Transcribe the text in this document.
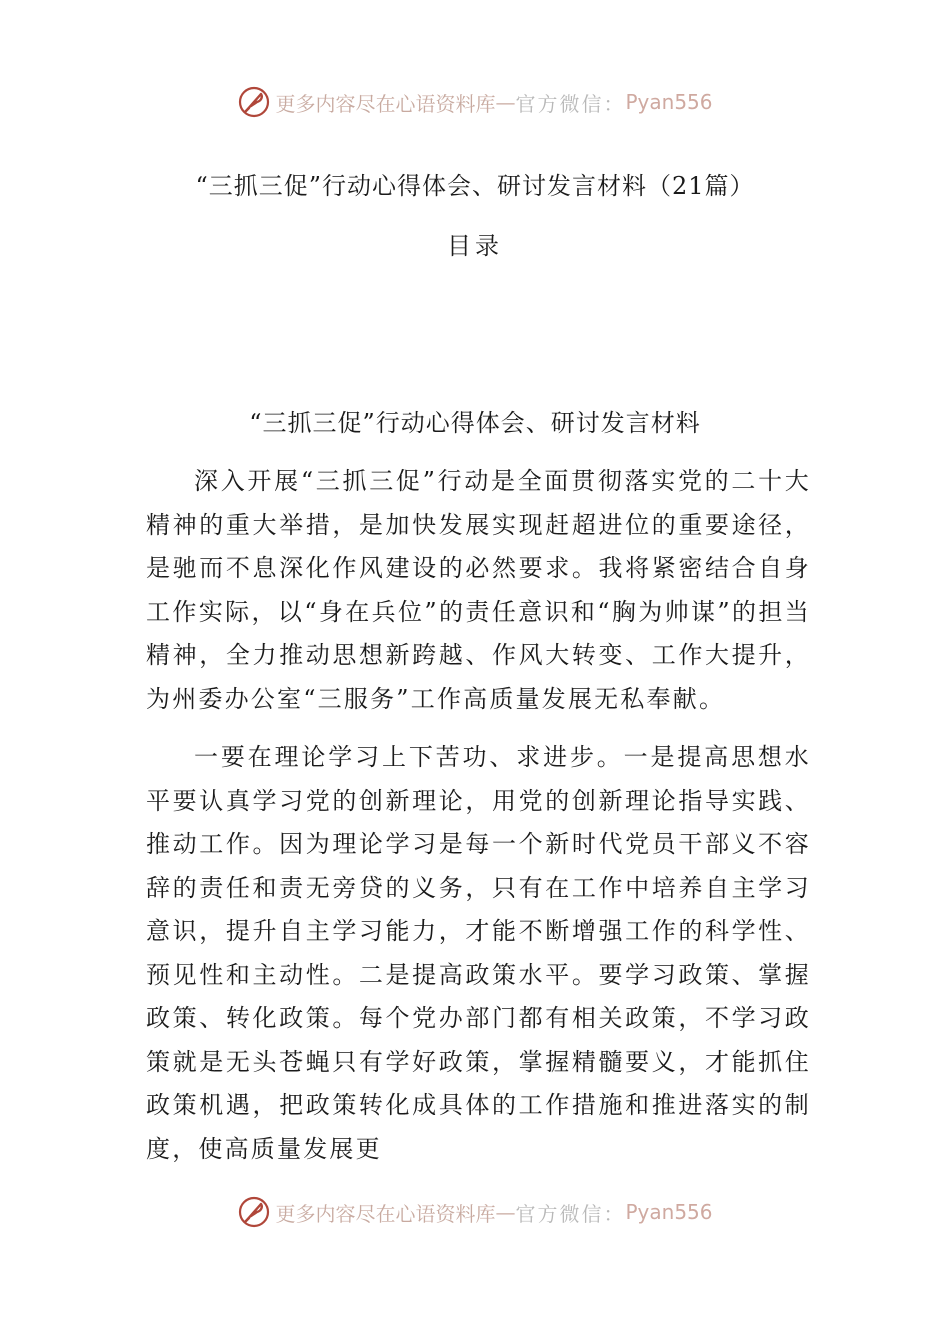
更多内容尽在心语资料库 — 官方微信： Pyan556
“三抓三促”行动心得体会、研讨发言材料（21篇）
目录
“三抓三促”行动心得体会、研讨发言材料

深入开展“三抓三促”行动是全面贯彻落实党的二十大精神的重大举措，是加快发展实现赶超进位的重要途径，是驰而不息深化作风建设的必然要求。我将紧密结合自身工作实际，以“身在兵位”的责任意识和“胸为帅谋”的担当精神，全力推动思想新跨越、作风大转变、工作大提升，为州委办公室“三服务”工作高质量发展无私奉献。

一要在理论学习上下苦功、求进步。一是提高思想水平要认真学习党的创新理论，用党的创新理论指导实践、推动工作。因为理论学习是每一个新时代党员干部义不容辞的责任和责无旁贷的义务，只有在工作中培养自主学习意识，提升自主学习能力，才能不断增强工作的科学性、预见性和主动性。二是提高政策水平。要学习政策、掌握政策、转化政策。每个党办部门都有相关政策，不学习政策就是无头苍蝇只有学好政策，掌握精髓要义，才能抓住政策机遇，把政策转化成具体的工作措施和推进落实的制度，使高质量发展更

更多内容尽在心语资料库 — 官方微信： Pyan556
